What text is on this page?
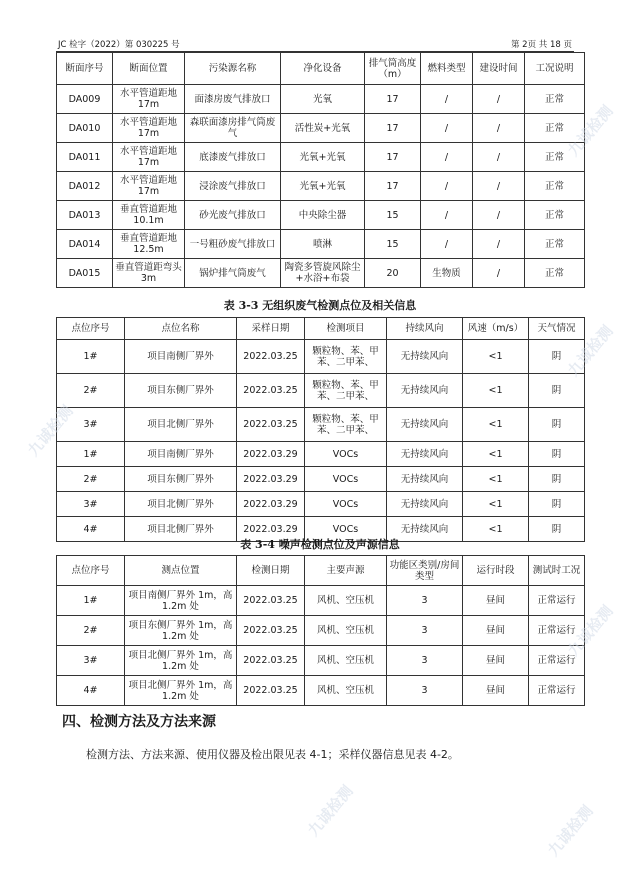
JC 检字（2022）第 030225 号	第 2页 共 18 页
断面序号	断面位置	污染源名称	净化设备	排气筒高度（m）	燃料类型	建设时间	工况说明
DA009	水平管道距地 17m	面漆房废气排放口	光氧	17	/	/	正常
DA010	水平管道距地 17m	森联面漆房排气筒废气	活性炭+光氧	17	/	/	正常
DA011	水平管道距地 17m	底漆废气排放口	光氧+光氧	17	/	/	正常
DA012	水平管道距地 17m	浸涂废气排放口	光氧+光氧	17	/	/	正常
DA013	垂直管道距地 10.1m	砂光废气排放口	中央除尘器	15	/	/	正常
DA014	垂直管道距地 12.5m	一号粗砂废气排放口	喷淋	15	/	/	正常
DA015	垂直管道距弯头 3m	锅炉排气筒废气	陶瓷多管旋风除尘+水浴+布袋	20	生物质	/	正常
表 3-3 无组织废气检测点位及相关信息
点位序号	点位名称	采样日期	检测项目	持续风向	风速（m/s）	天气情况
1#	项目南侧厂界外	2022.03.25	颗粒物、苯、甲苯、二甲苯、	无持续风向	<1	阴
2#	项目东侧厂界外	2022.03.25	颗粒物、苯、甲苯、二甲苯、	无持续风向	<1	阴
3#	项目北侧厂界外	2022.03.25	颗粒物、苯、甲苯、二甲苯、	无持续风向	<1	阴
1#	项目南侧厂界外	2022.03.29	VOCs	无持续风向	<1	阴
2#	项目东侧厂界外	2022.03.29	VOCs	无持续风向	<1	阴
3#	项目北侧厂界外	2022.03.29	VOCs	无持续风向	<1	阴
4#	项目北侧厂界外	2022.03.29	VOCs	无持续风向	<1	阴
表 3-4 噪声检测点位及声源信息
点位序号	测点位置	检测日期	主要声源	功能区类别/房间类型	运行时段	测试时工况
1#	项目南侧厂界外 1m，高 1.2m 处	2022.03.25	风机、空压机	3	昼间	正常运行
2#	项目东侧厂界外 1m，高 1.2m 处	2022.03.25	风机、空压机	3	昼间	正常运行
3#	项目北侧厂界外 1m，高 1.2m 处	2022.03.25	风机、空压机	3	昼间	正常运行
4#	项目北侧厂界外 1m，高 1.2m 处	2022.03.25	风机、空压机	3	昼间	正常运行
四、检测方法及方法来源
检测方法、方法来源、使用仪器及检出限见表 4-1；采样仪器信息见表 4-2。
九诚检测
九诚检测
九诚检测
九诚检测
九诚检测
九诚检测
